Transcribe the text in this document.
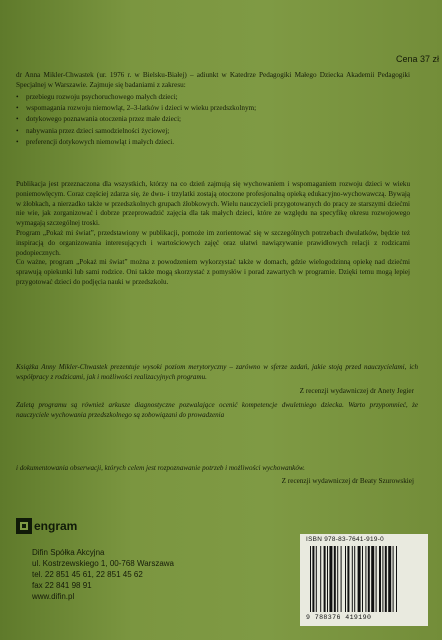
Cena 37 zł
dr Anna Mikler-Chwastek (ur. 1976 r. w Bielsku-Białej) – adiunkt w Katedrze Pedagogiki Małego Dziecka Akademii Pedagogiki Specjalnej w Warszawie. Zajmuje się badaniami z zakresu:
• przebiegu rozwoju psychoruchowego małych dzieci;
• wspomagania rozwoju niemowląt, 2–3-latków i dzieci w wieku przedszkolnym;
• dotykowego poznawania otoczenia przez małe dzieci;
• nabywania przez dzieci samodzielności życiowej;
• preferencji dotykowych niemowląt i małych dzieci.

Publikacja jest przeznaczona dla wszystkich, którzy na co dzień zajmują się wychowaniem i wspomaganiem rozwoju dzieci w wieku poniemowlęcym. Coraz częściej zdarza się, że dwu- i trzylatki zostają otoczone profesjonalną opieką edukacyjno-wychowawczą. Bywają w żłobkach, a nierzadko także w przedszkolnych grupach żłobkowych. Wielu nauczycieli przygotowanych do pracy ze starszymi dziećmi nie wie, jak zorganizować i dobrze przeprowadzić zajęcia dla tak małych dzieci, które ze względu na specyfikę okresu rozwojowego wymagają szczególnej troski.

Program „Pokaż mi świat”, przedstawiony w publikacji, pomoże im zorientować się w szczególnych potrzebach dwulatków, będzie też inspiracją do organizowania interesujących i wartościowych zajęć oraz ułatwi nawiązywanie prawidłowych relacji z rodzicami podopiecznych.

Co ważne, program „Pokaż mi świat” można z powodzeniem wykorzystać także w domach, gdzie wielogodzinną opiekę nad dziećmi sprawują opiekunki lub sami rodzice. Oni także mogą skorzystać z pomysłów i porad zawartych w programie. Dzięki temu mogą lepiej przygotować dzieci do podjęcia nauki w przedszkolu.

Książka Anny Mikler-Chwastek prezentuje wysoki poziom merytoryczny – zarówno w sferze zadań, jakie stoją przed nauczycielami, ich współpracy z rodzicami, jak i możliwości realizacyjnych programu.

Z recenzji wydawniczej dr Anety Jegier

Zaletą programu są również arkusze diagnostyczne pozwalające ocenić kompetencje dwuletniego dziecka. Warto przypomnieć, że nauczyciele wychowania przedszkolnego są zobowiązani do prowadzenia

i dokumentowania obserwacji, których celem jest rozpoznawanie potrzeb i możliwości wychowanków.

Z recenzji wydawniczej dr Beaty Szurowskiej
engram
Difin Spółka Akcyjna
ul. Kostrzewskiego 1, 00-768 Warszawa
tel. 22 851 45 61, 22 851 45 62
fax 22 841 98 91
www.difin.pl
ISBN 978-83-7641-919-0
9 788376 419190
